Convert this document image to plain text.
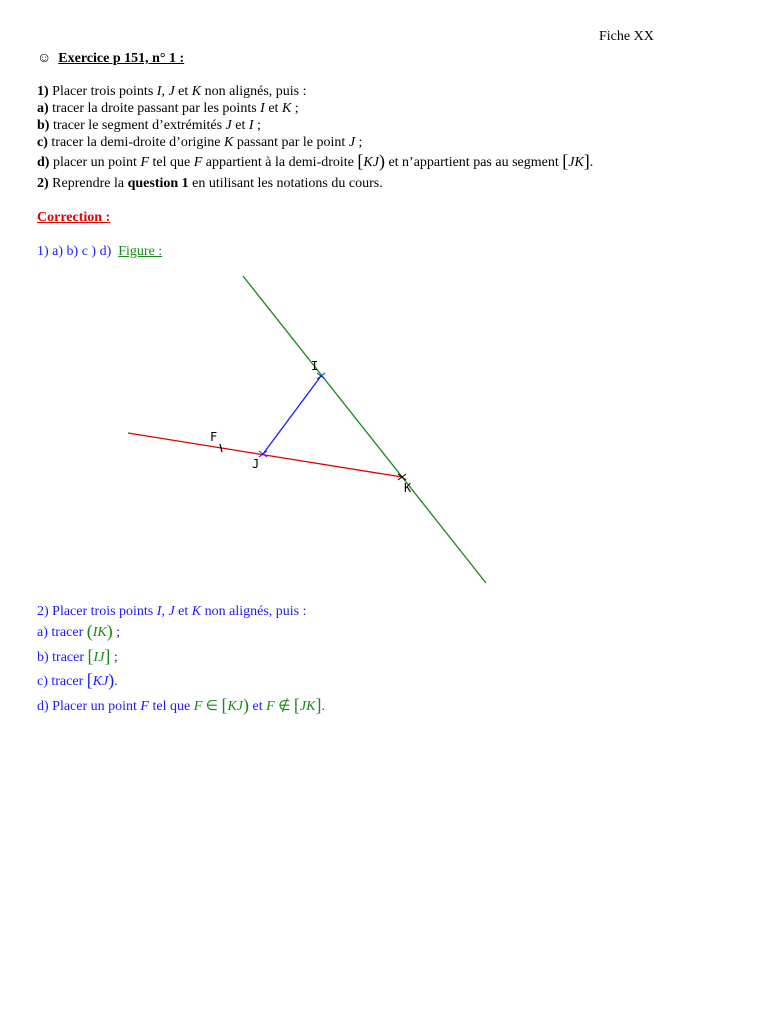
Fiche XX
☺ Exercice p 151, n° 1 :
1) Placer trois points I, J et K non alignés, puis :
a) tracer la droite passant par les points I et K ;
b) tracer le segment d’extrémités J et I ;
c) tracer la demi-droite d’origine K passant par le point J ;
d) placer un point F tel que F appartient à la demi-droite [KJ) et n’appartient pas au segment [JK].
2) Reprendre la question 1 en utilisant les notations du cours.
Correction :
1) a) b) c ) d) Figure :
I
F
J
K
2) Placer trois points I, J et K non alignés, puis :
a) tracer (IK) ;
b) tracer [IJ] ;
c) tracer [KJ).
d) Placer un point F tel que F ∈ [KJ) et F ∉ [JK].
